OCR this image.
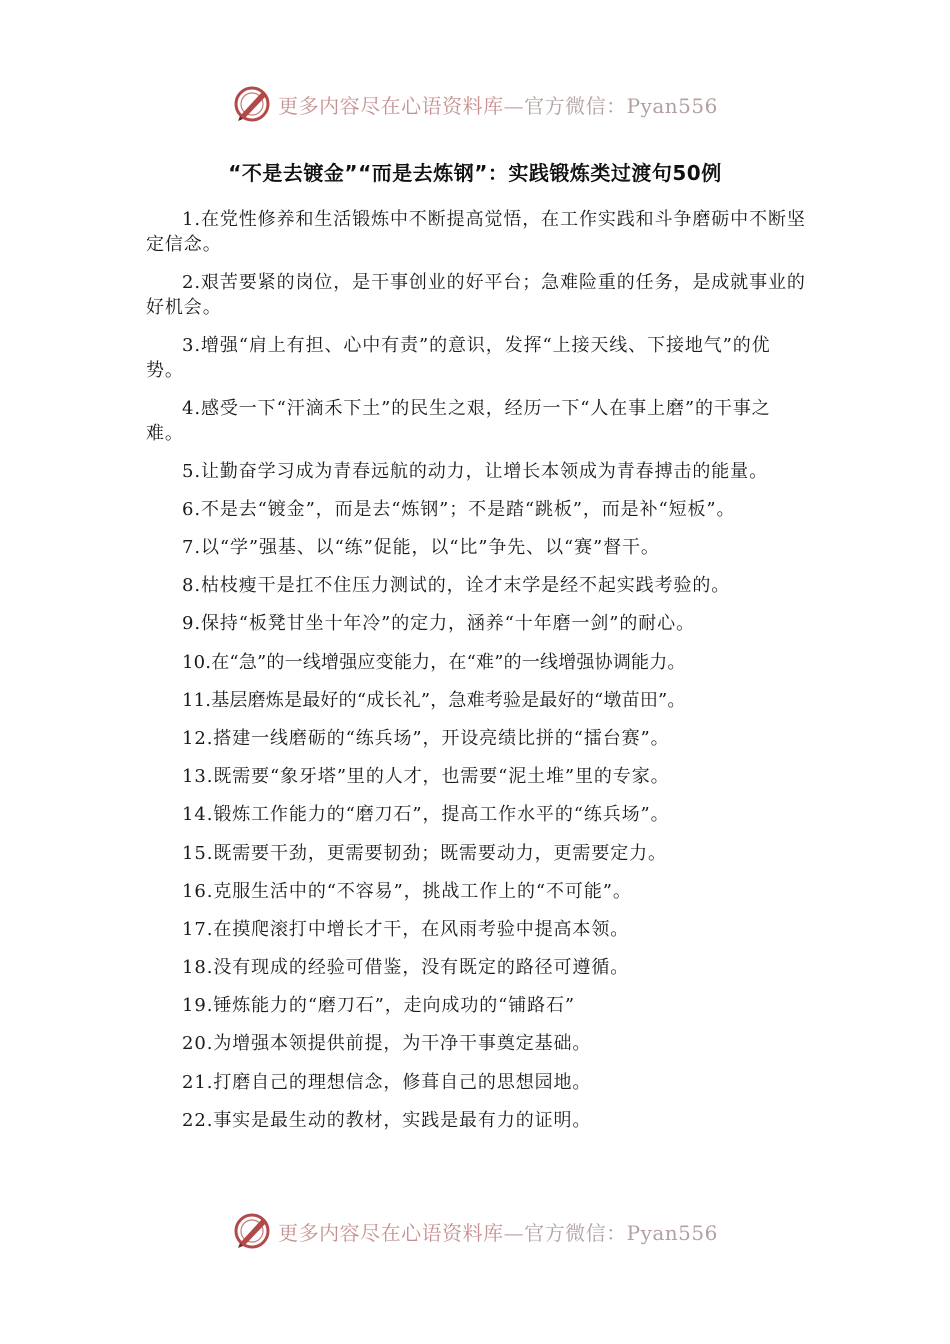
更多内容尽在心语资料库—官方微信：Pyan556
“不是去镀金”“而是去炼钢”：实践锻炼类过渡句50例

1.在党性修养和生活锻炼中不断提高觉悟，在工作实践和斗争磨砺中不断坚定信念。

2.艰苦要紧的岗位，是干事创业的好平台；急难险重的任务，是成就事业的好机会。

3.增强“肩上有担、心中有责”的意识，发挥“上接天线、下接地气”的优势。

4.感受一下“汗滴禾下土”的民生之艰，经历一下“人在事上磨”的干事之难。

5.让勤奋学习成为青春远航的动力，让增长本领成为青春搏击的能量。

6.不是去“镀金”，而是去“炼钢”；不是踏“跳板”，而是补“短板”。

7.以“学”强基、以“练”促能，以“比”争先、以“赛”督干。

8.枯枝瘦干是扛不住压力测试的，诠才末学是经不起实践考验的。

9.保持“板凳甘坐十年冷”的定力，涵养“十年磨一剑”的耐心。

10.在“急”的一线增强应变能力，在“难”的一线增强协调能力。

11.基层磨炼是最好的“成长礼”，急难考验是最好的“墩苗田”。

12.搭建一线磨砺的“练兵场”，开设亮绩比拼的“擂台赛”。

13.既需要“象牙塔”里的人才，也需要“泥土堆”里的专家。

14.锻炼工作能力的“磨刀石”，提高工作水平的“练兵场”。

15.既需要干劲，更需要韧劲；既需要动力，更需要定力。

16.克服生活中的“不容易”，挑战工作上的“不可能”。

17.在摸爬滚打中增长才干，在风雨考验中提高本领。

18.没有现成的经验可借鉴，没有既定的路径可遵循。

19.锤炼能力的“磨刀石”，走向成功的“铺路石”

20.为增强本领提供前提，为干净干事奠定基础。

21.打磨自己的理想信念，修葺自己的思想园地。

22.事实是最生动的教材，实践是最有力的证明。

更多内容尽在心语资料库—官方微信：Pyan556
